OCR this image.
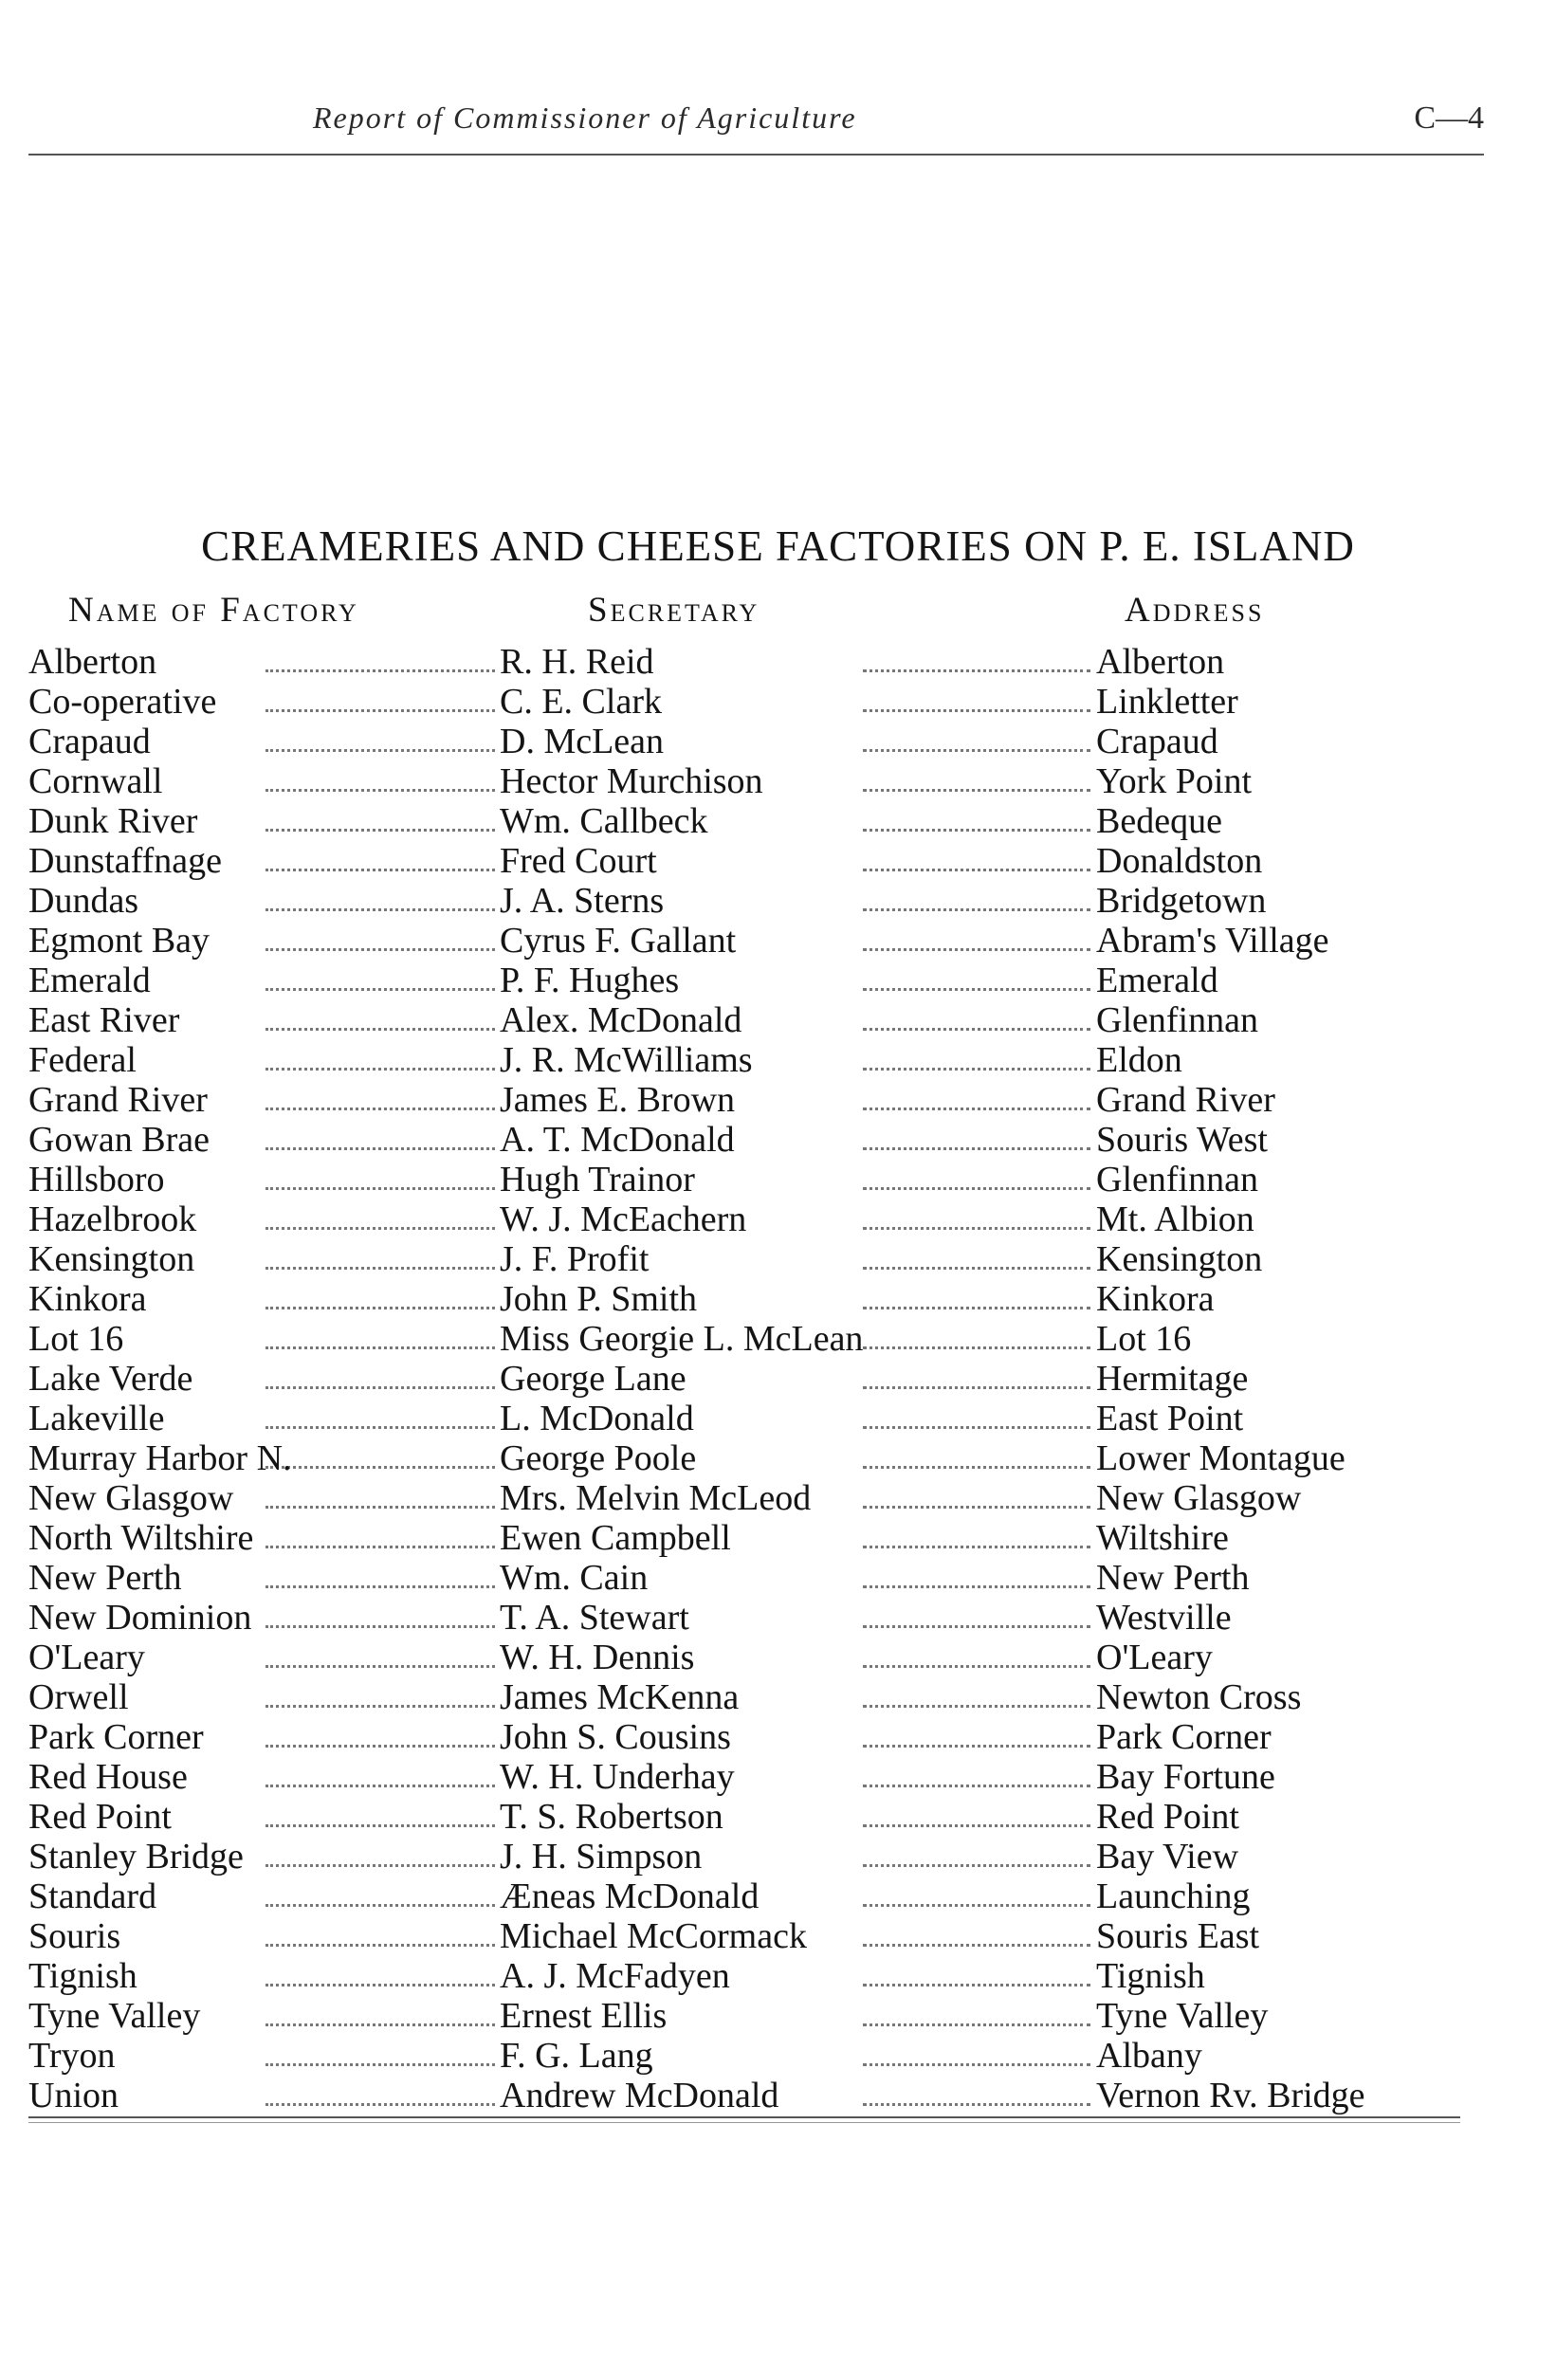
Report of Commissioner of Agriculture	C—4
CREAMERIES AND CHEESE FACTORIES ON P. E. ISLAND
Name of Factory	Secretary	Address
Alberton	R. H. Reid	Alberton
Co-operative	C. E. Clark	Linkletter
Crapaud	D. McLean	Crapaud
Cornwall	Hector Murchison	York Point
Dunk River	Wm. Callbeck	Bedeque
Dunstaffnage	Fred Court	Donaldston
Dundas	J. A. Sterns	Bridgetown
Egmont Bay	Cyrus F. Gallant	Abram's Village
Emerald	P. F. Hughes	Emerald
East River	Alex. McDonald	Glenfinnan
Federal	J. R. McWilliams	Eldon
Grand River	James E. Brown	Grand River
Gowan Brae	A. T. McDonald	Souris West
Hillsboro	Hugh Trainor	Glenfinnan
Hazelbrook	W. J. McEachern	Mt. Albion
Kensington	J. F. Profit	Kensington
Kinkora	John P. Smith	Kinkora
Lot 16	Miss Georgie L. McLean	Lot 16
Lake Verde	George Lane	Hermitage
Lakeville	L. McDonald	East Point
Murray Harbor N.	George Poole	Lower Montague
New Glasgow	Mrs. Melvin McLeod	New Glasgow
North Wiltshire	Ewen Campbell	Wiltshire
New Perth	Wm. Cain	New Perth
New Dominion	T. A. Stewart	Westville
O'Leary	W. H. Dennis	O'Leary
Orwell	James McKenna	Newton Cross
Park Corner	John S. Cousins	Park Corner
Red House	W. H. Underhay	Bay Fortune
Red Point	T. S. Robertson	Red Point
Stanley Bridge	J. H. Simpson	Bay View
Standard	Æneas McDonald	Launching
Souris	Michael McCormack	Souris East
Tignish	A. J. McFadyen	Tignish
Tyne Valley	Ernest Ellis	Tyne Valley
Tryon	F. G. Lang	Albany
Union	Andrew McDonald	Vernon Rv. Bridge
